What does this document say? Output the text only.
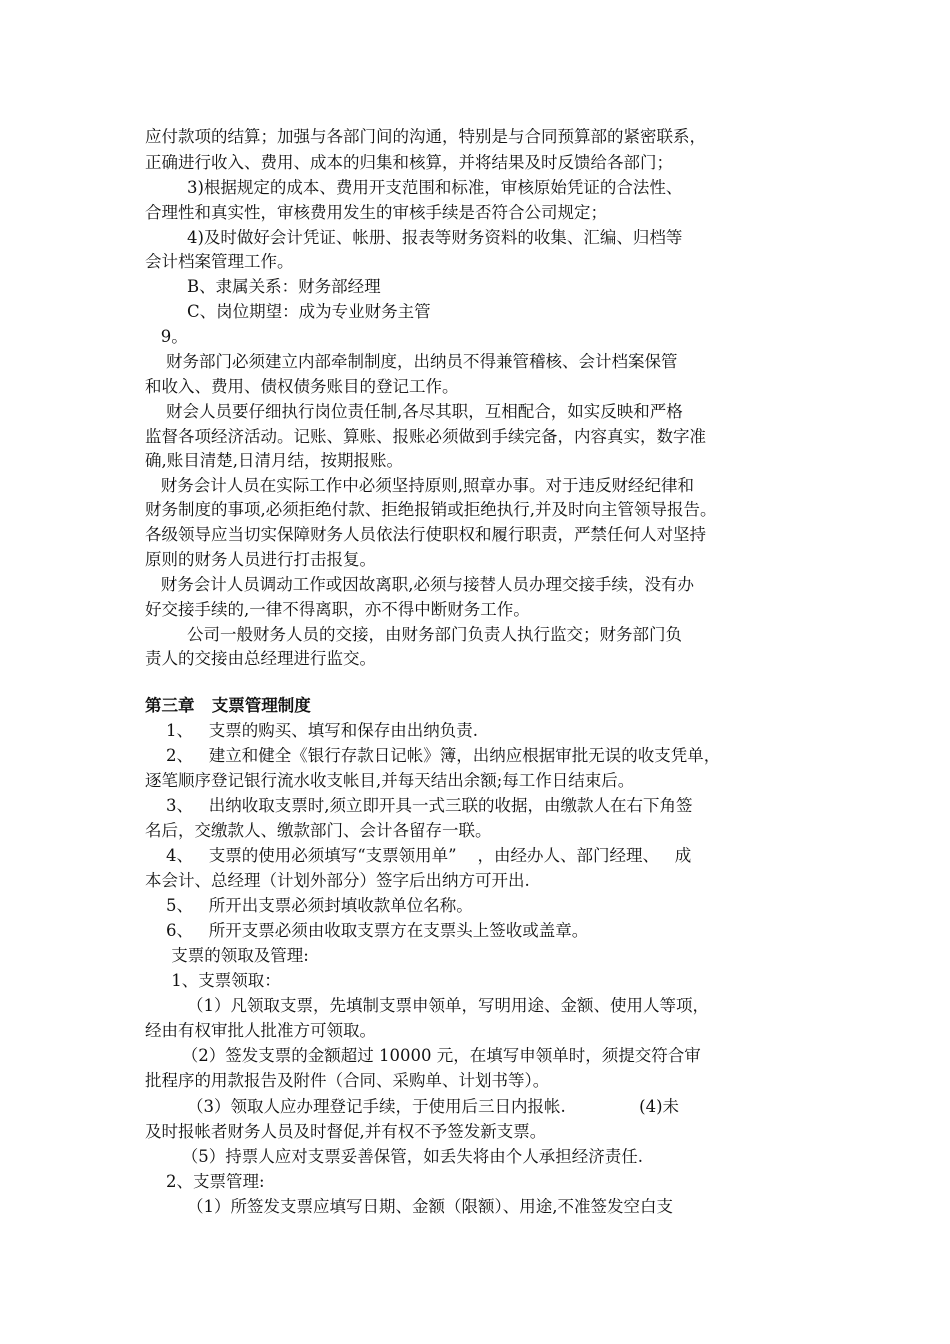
应付款项的结算；加强与各部门间的沟通，特别是与合同预算部的紧密联系，
正确进行收入、费用、成本的归集和核算，并将结果及时反馈给各部门；
3)根据规定的成本、费用开支范围和标准，审核原始凭证的合法性、
合理性和真实性，审核费用发生的审核手续是否符合公司规定；
4)及时做好会计凭证、帐册、报表等财务资料的收集、汇编、归档等
会计档案管理工作。
B、隶属关系：财务部经理
C、岗位期望：成为专业财务主管
9。
财务部门必须建立内部牵制制度，出纳员不得兼管稽核、会计档案保管
和收入、费用、债权债务账目的登记工作。
财会人员要仔细执行岗位责任制,各尽其职，互相配合，如实反映和严格
监督各项经济活动。记账、算账、报账必须做到手续完备，内容真实，数字准
确,账目清楚,日清月结，按期报账。
财务会计人员在实际工作中必须坚持原则,照章办事。对于违反财经纪律和
财务制度的事项,必须拒绝付款、拒绝报销或拒绝执行,并及时向主管领导报告。
各级领导应当切实保障财务人员依法行使职权和履行职责，严禁任何人对坚持
原则的财务人员进行打击报复。
财务会计人员调动工作或因故离职,必须与接替人员办理交接手续，没有办
好交接手续的,一律不得离职，亦不得中断财务工作。
公司一般财务人员的交接，由财务部门负责人执行监交；财务部门负
责人的交接由总经理进行监交。
第三章   支票管理制度
1、   支票的购买、填写和保存由出纳负责.
2、   建立和健全《银行存款日记帐》簿，出纳应根据审批无误的收支凭单，
逐笔顺序登记银行流水收支帐目,并每天结出余额;每工作日结束后。
3、   出纳收取支票时,须立即开具一式三联的收据，由缴款人在右下角签
名后，交缴款人、缴款部门、会计各留存一联。
4、   支票的使用必须填写“支票领用单”    ，由经办人、部门经理、   成
本会计、总经理（计划外部分）签字后出纳方可开出.
5、   所开出支票必须封填收款单位名称。
6、   所开支票必须由收取支票方在支票头上签收或盖章。
支票的领取及管理:
1、支票领取：
（1）凡领取支票，先填制支票申领单，写明用途、金额、使用人等项，
经由有权审批人批准方可领取。
（2）签发支票的金额超过 10000 元，在填写申领单时，须提交符合审
批程序的用款报告及附件（合同、采购单、计划书等）。
（3）领取人应办理登记手续，于使用后三日内报帐.              (4)未
及时报帐者财务人员及时督促,并有权不予签发新支票。
（5）持票人应对支票妥善保管，如丢失将由个人承担经济责任.
2、支票管理:
（1）所签发支票应填写日期、金额（限额）、用途,不准签发空白支
